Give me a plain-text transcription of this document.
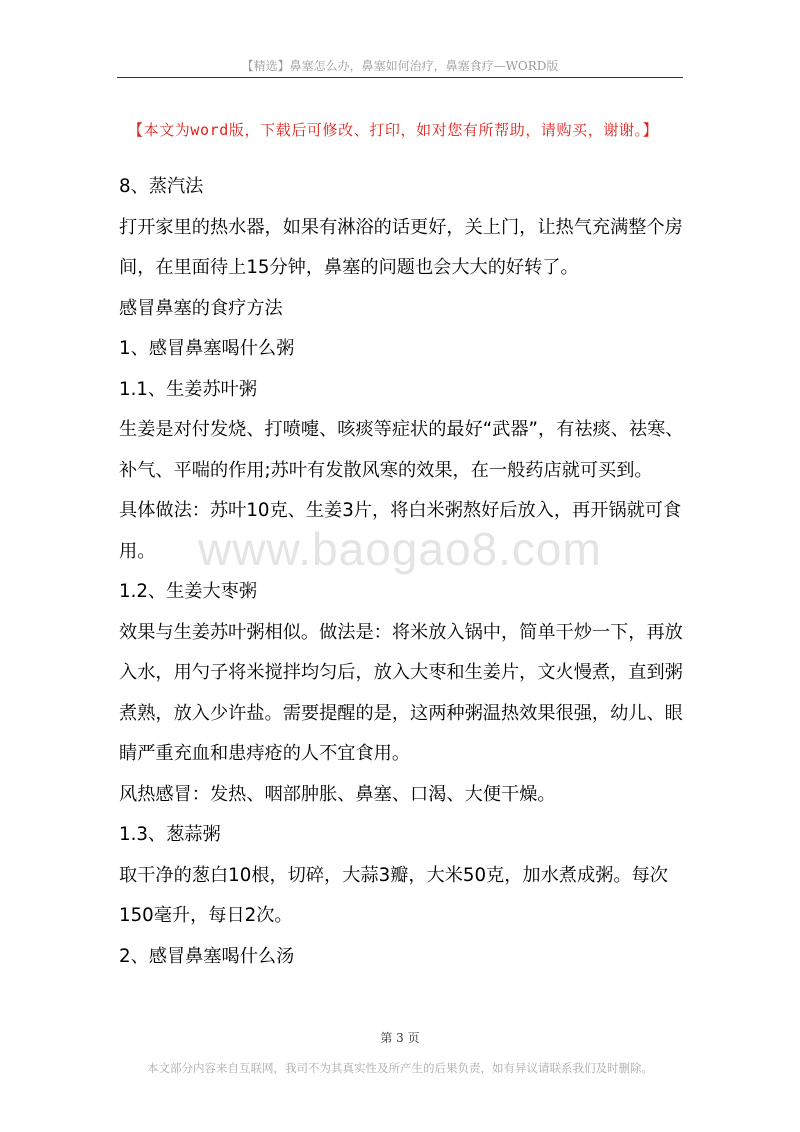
【精选】鼻塞怎么办，鼻塞如何治疗，鼻塞食疗—WORD版
【本文为word版，下载后可修改、打印，如对您有所帮助，请购买，谢谢。】

8、蒸汽法

打开家里的热水器，如果有淋浴的话更好，关上门，让热气充满整个房间，在里面待上15分钟，鼻塞的问题也会大大的好转了。

感冒鼻塞的食疗方法

1、感冒鼻塞喝什么粥

1.1、生姜苏叶粥

生姜是对付发烧、打喷嚏、咳痰等症状的最好“武器”，有祛痰、祛寒、补气、平喘的作用;苏叶有发散风寒的效果，在一般药店就可买到。

具体做法：苏叶10克、生姜3片，将白米粥熬好后放入，再开锅就可食用。

1.2、生姜大枣粥

效果与生姜苏叶粥相似。做法是：将米放入锅中，简单干炒一下，再放入水，用勺子将米搅拌均匀后，放入大枣和生姜片，文火慢煮，直到粥煮熟，放入少许盐。需要提醒的是，这两种粥温热效果很强，幼儿、眼睛严重充血和患痔疮的人不宜食用。

风热感冒：发热、咽部肿胀、鼻塞、口渴、大便干燥。

1.3、葱蒜粥

取干净的葱白10根，切碎，大蒜3瓣，大米50克，加水煮成粥。每次150毫升，每日2次。

2、感冒鼻塞喝什么汤

www.baogao8.com
第 3 页
本文部分内容来自互联网，我司不为其真实性及所产生的后果负责，如有异议请联系我们及时删除。
